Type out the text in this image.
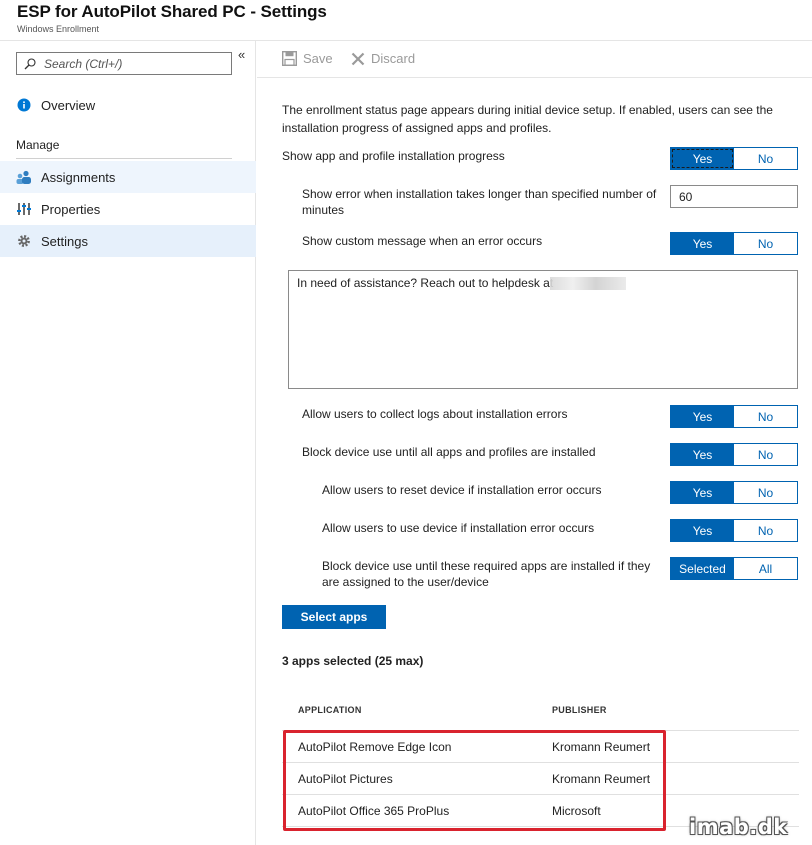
ESP for AutoPilot Shared PC - Settings
Windows Enrollment
Search (Ctrl+/)
«
Overview
Manage
Assignments
Properties
Settings
Save	Discard
The enrollment status page appears during initial device setup. If enabled, users can see the installation progress of assigned apps and profiles.
Show app and profile installation progress	Yes	No
Show error when installation takes longer than specified number of minutes
60
Show custom message when an error occurs	Yes	No
In need of assistance? Reach out to helpdesk at
Allow users to collect logs about installation errors	Yes	No
Block device use until all apps and profiles are installed	Yes	No
Allow users to reset device if installation error occurs	Yes	No
Allow users to use device if installation error occurs	Yes	No
Block device use until these required apps are installed if they are assigned to the user/device
Selected	All
Select apps
3 apps selected (25 max)
APPLICATION	PUBLISHER
AutoPilot Remove Edge Icon	Kromann Reumert
AutoPilot Pictures	Kromann Reumert
AutoPilot Office 365 ProPlus	Microsoft
imab.dk
